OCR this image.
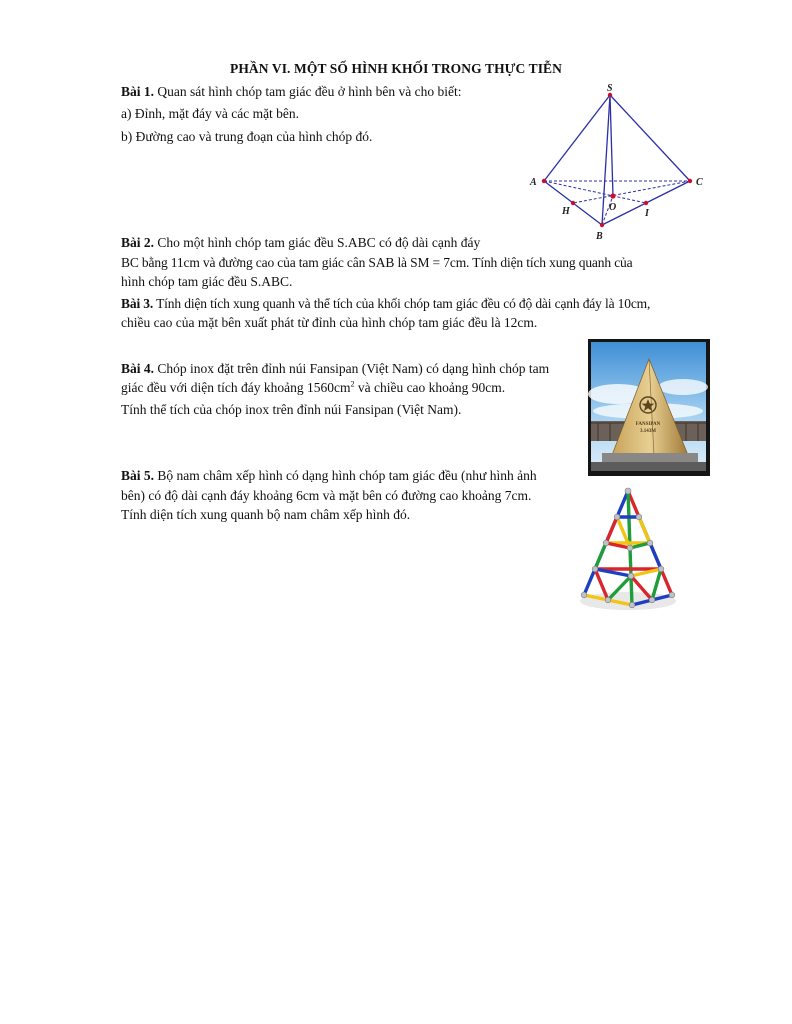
PHẦN VI. MỘT SỐ HÌNH KHỐI TRONG THỰC TIỄN

Bài 1. Quan sát hình chóp tam giác đều ở hình bên và cho biết:

a) Đỉnh, mặt đáy và các mặt bên.

b) Đường cao và trung đoạn của hình chóp đó.

S
A
B
C
H	O
I

Bài 2. Cho một hình chóp tam giác đều S.ABC có độ dài cạnh đáy

BC bằng 11cm và đường cao của tam giác cân SAB là SM = 7cm. Tính diện tích xung quanh của

hình chóp tam giác đều S.ABC.

Bài 3. Tính diện tích xung quanh và thể tích của khối chóp tam giác đều có độ dài cạnh đáy là 10cm,

chiều cao của mặt bên xuất phát từ đỉnh của hình chóp tam giác đều là 12cm.

Bài 4. Chóp inox đặt trên đỉnh núi Fansipan (Việt Nam) có dạng hình chóp tam

giác đều với diện tích đáy khoảng $1560cm^2$ và chiều cao khoảng 90cm.

Tính thể tích của chóp inox trên đỉnh núi Fansipan (Việt Nam).

FANSIPAN
3.143M

Bài 5. Bộ nam châm xếp hình có dạng hình chóp tam giác đều (như hình ảnh

bên) có độ dài cạnh đáy khoảng 6cm và mặt bên có đường cao khoảng 7cm.

Tính diện tích xung quanh bộ nam châm xếp hình đó.
